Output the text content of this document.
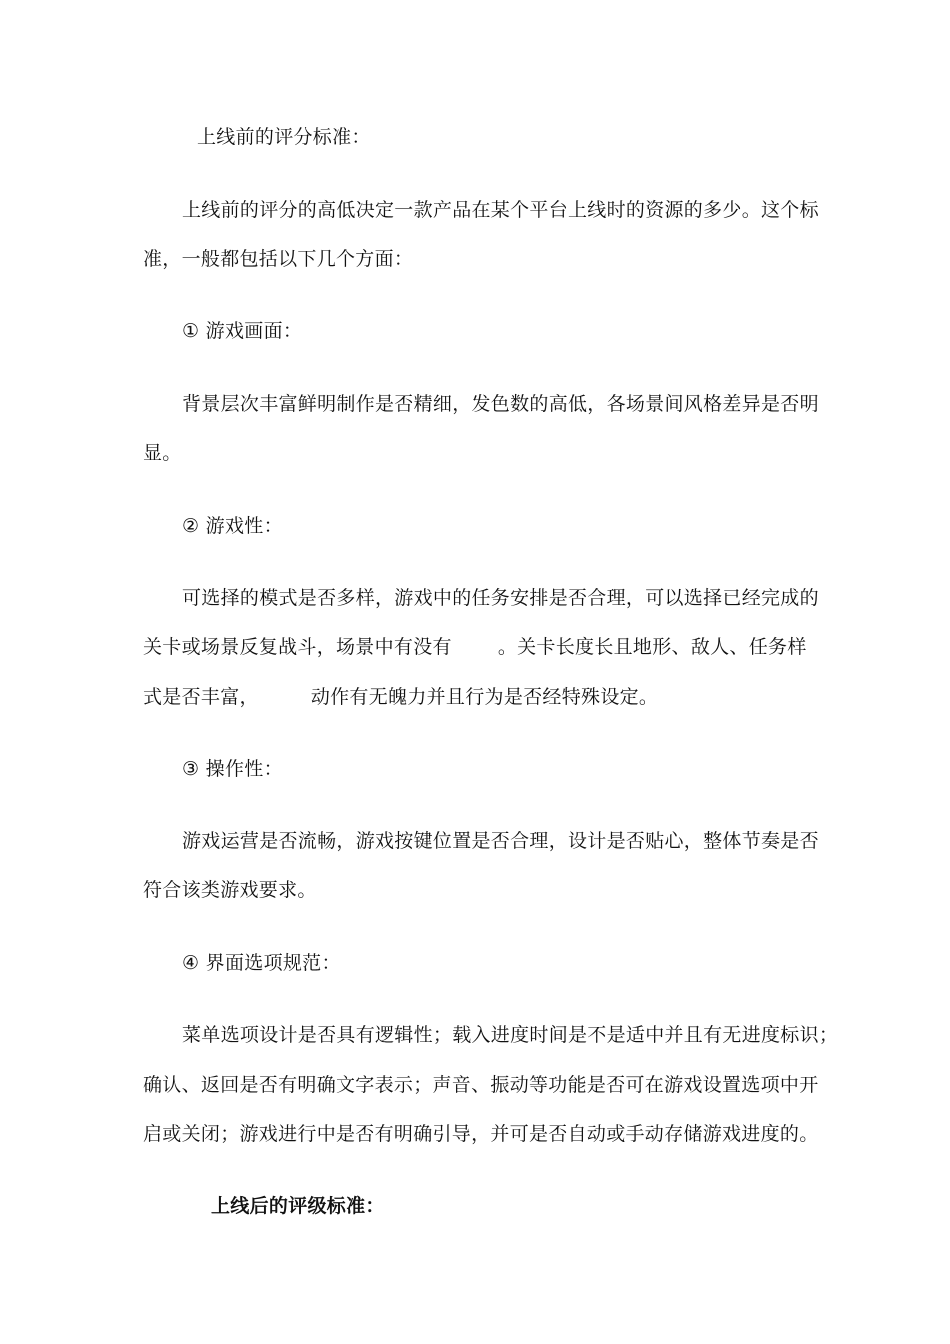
上线前的评分标准：
上线前的评分的高低决定一款产品在某个平台上线时的资源的多少。这个标
准，一般都包括以下几个方面：
① 游戏画面：
背景层次丰富鲜明制作是否精细，发色数的高低，各场景间风格差异是否明
显。
② 游戏性：
可选择的模式是否多样，游戏中的任务安排是否合理，可以选择已经完成的
关卡或场景反复战斗，场景中有没有 。关卡长度长且地形、敌人、任务样
式是否丰富，	动作有无魄力并且行为是否经特殊设定。
③ 操作性：
游戏运营是否流畅，游戏按键位置是否合理，设计是否贴心，整体节奏是否
符合该类游戏要求。
④ 界面选项规范：
菜单选项设计是否具有逻辑性；载入进度时间是不是适中并且有无进度标识；
确认、返回是否有明确文字表示；声音、振动等功能是否可在游戏设置选项中开
启或关闭；游戏进行中是否有明确引导，并可是否自动或手动存储游戏进度的。
上线后的评级标准：
